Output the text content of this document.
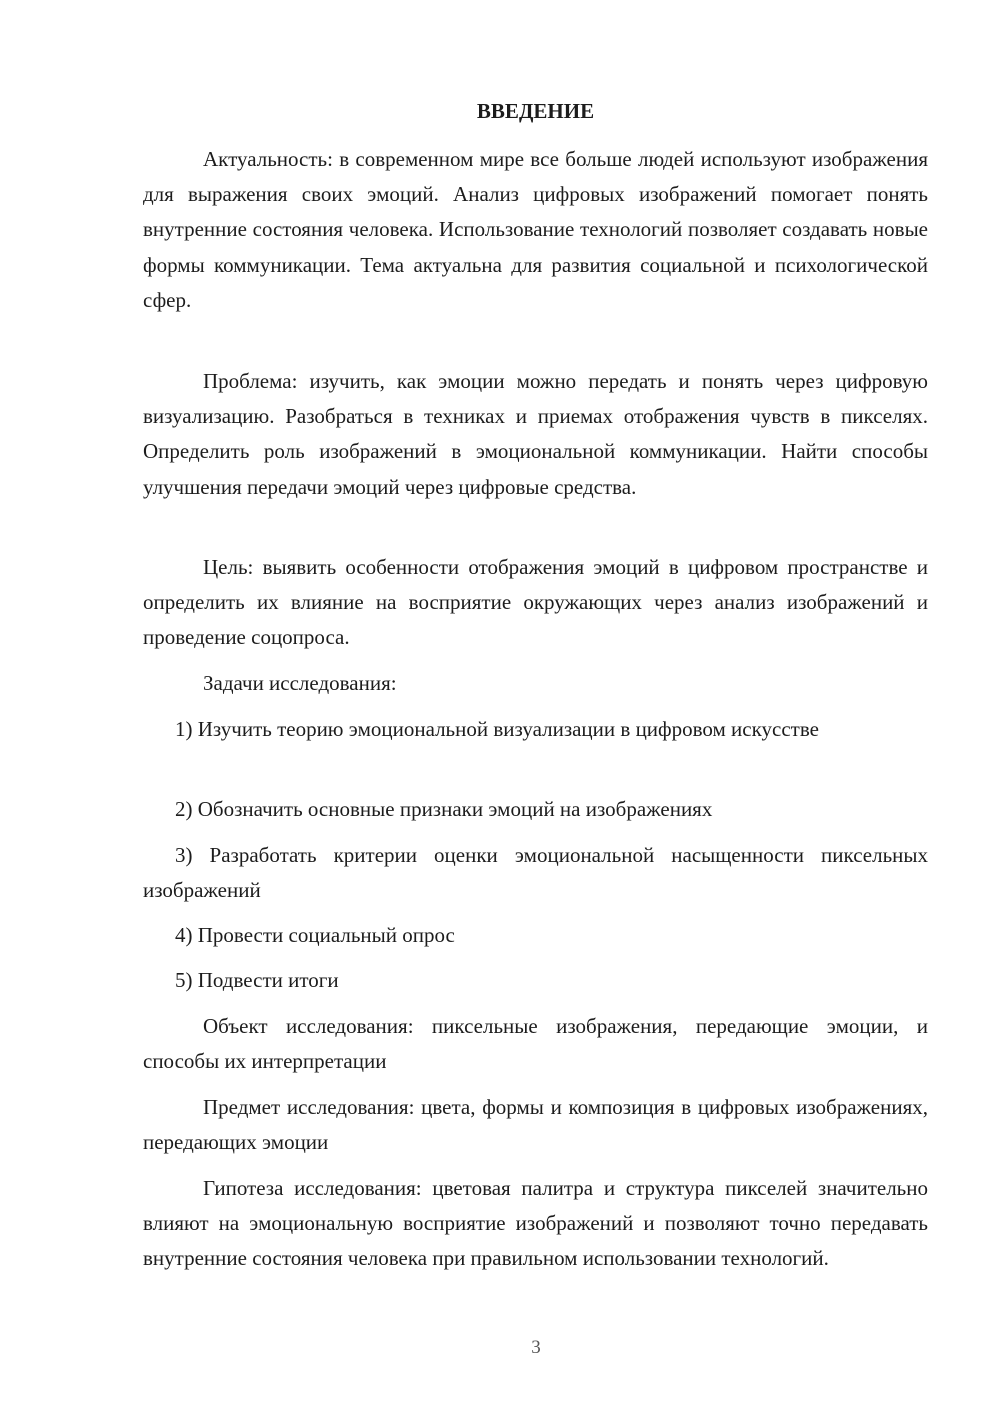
ВВЕДЕНИЕ

Актуальность: в современном мире все больше людей используют изображения для выражения своих эмоций. Анализ цифровых изображений помогает понять внутренние состояния человека. Использование технологий позволяет создавать новые формы коммуникации. Тема актуальна для развития социальной и психологической сфер.

Проблема: изучить, как эмоции можно передать и понять через цифровую визуализацию. Разобраться в техниках и приемах отображения чувств в пикселях. Определить роль изображений в эмоциональной коммуникации. Найти способы улучшения передачи эмоций через цифровые средства.

Цель: выявить особенности отображения эмоций в цифровом пространстве и определить их влияние на восприятие окружающих через анализ изображений и проведение соцопроса.

Задачи исследования:

1) Изучить теорию эмоциональной визуализации в цифровом искусстве

2) Обозначить основные признаки эмоций на изображениях

3) Разработать критерии оценки эмоциональной насыщенности пиксельных изображений

4) Провести социальный опрос

5) Подвести итоги

Объект исследования: пиксельные изображения, передающие эмоции, и способы их интерпретации

Предмет исследования: цвета, формы и композиция в цифровых изображениях, передающих эмоции

Гипотеза исследования: цветовая палитра и структура пикселей значительно влияют на эмоциональную восприятие изображений и позволяют точно передавать внутренние состояния человека при правильном использовании технологий.

3
